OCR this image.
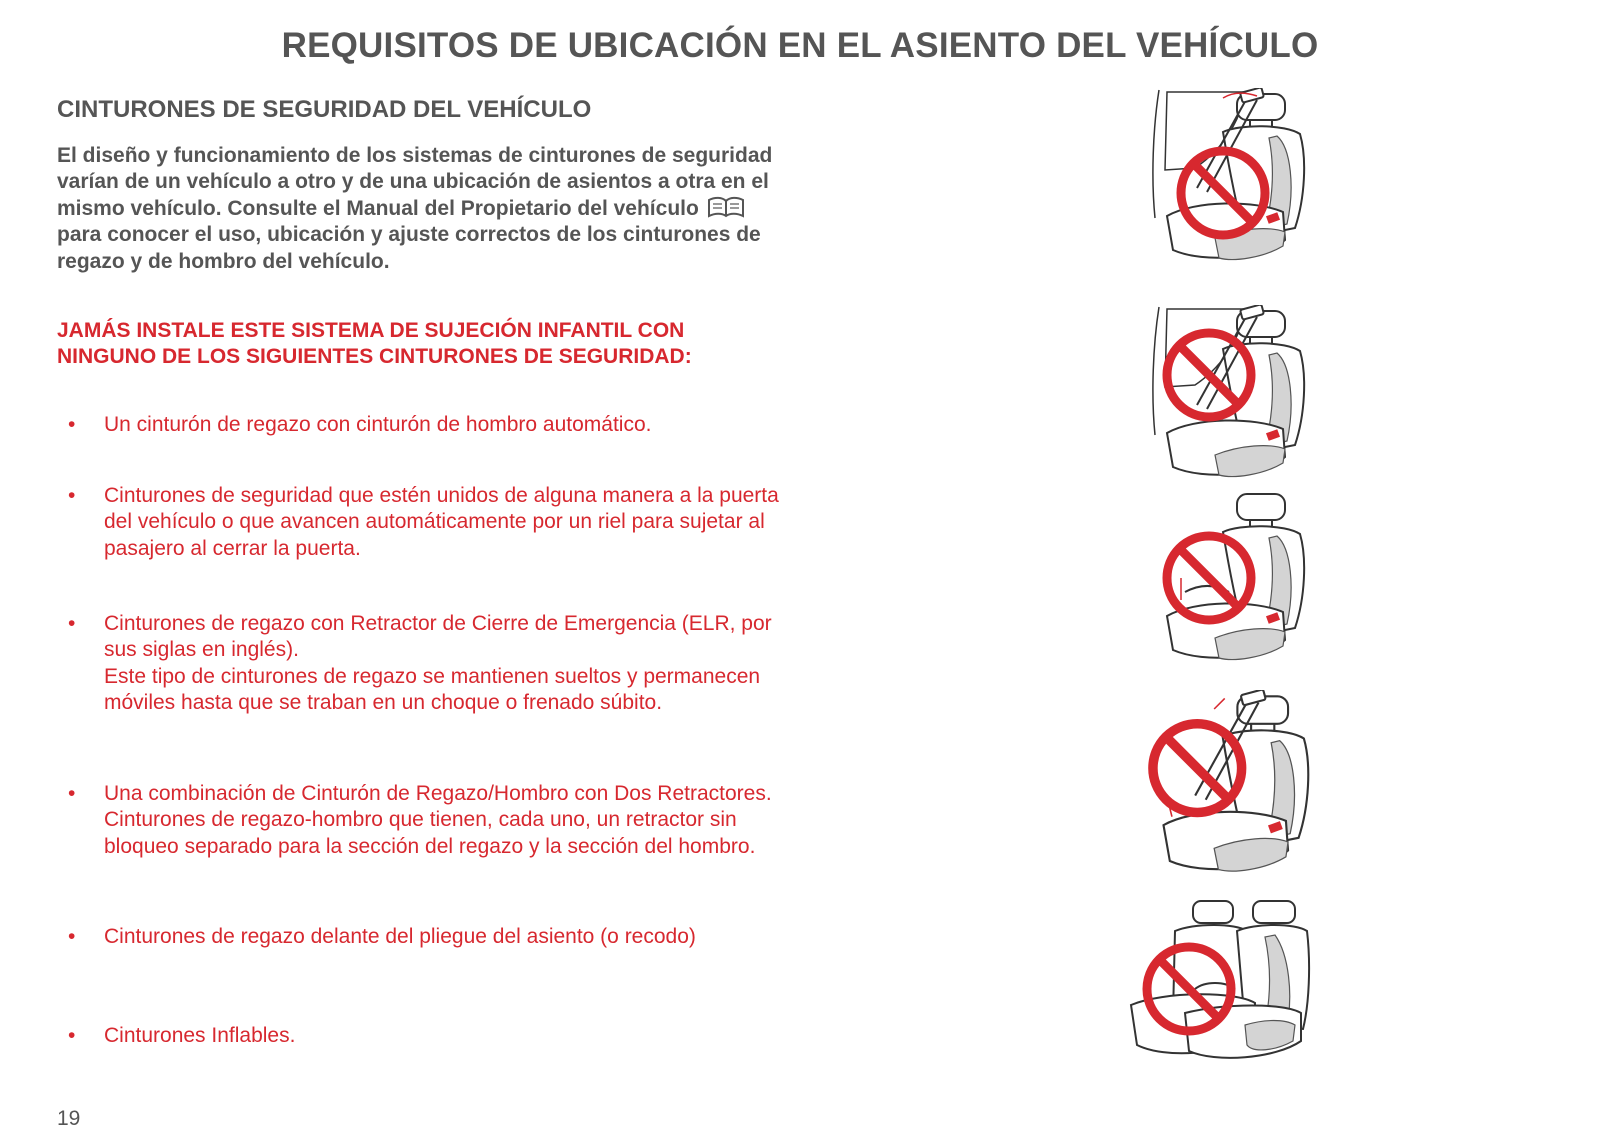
REQUISITOS DE UBICACIÓN EN EL ASIENTO DEL VEHÍCULO
CINTURONES DE SEGURIDAD DEL VEHÍCULO
El diseño y funcionamiento de los sistemas de cinturones de seguridad varían de un vehículo a otro y de una ubicación de asientos a otra en el mismo vehículo. Consulte el Manual del Propietario del vehículo  para conocer el uso, ubicación y ajuste correctos de los cinturones de regazo y de hombro del vehículo.
JAMÁS INSTALE ESTE SISTEMA DE SUJECIÓN INFANTIL CON NINGUNO DE LOS SIGUIENTES CINTURONES DE SEGURIDAD:
• Un cinturón de regazo con cinturón de hombro automático.
• Cinturones de seguridad que estén unidos de alguna manera a la puerta del vehículo o que avancen automáticamente por un riel para sujetar al pasajero al cerrar la puerta.
• Cinturones de regazo con Retractor de Cierre de Emergencia (ELR, por sus siglas en inglés).
Este tipo de cinturones de regazo se mantienen sueltos y permanecen móviles hasta que se traban en un choque o frenado súbito.
• Una combinación de Cinturón de Regazo/Hombro con Dos Retractores.
Cinturones de regazo-hombro que tienen, cada uno, un retractor sin bloqueo separado para la sección del regazo y la sección del hombro.
• Cinturones de regazo delante del pliegue del asiento (o recodo)
• Cinturones Inflables.
19
